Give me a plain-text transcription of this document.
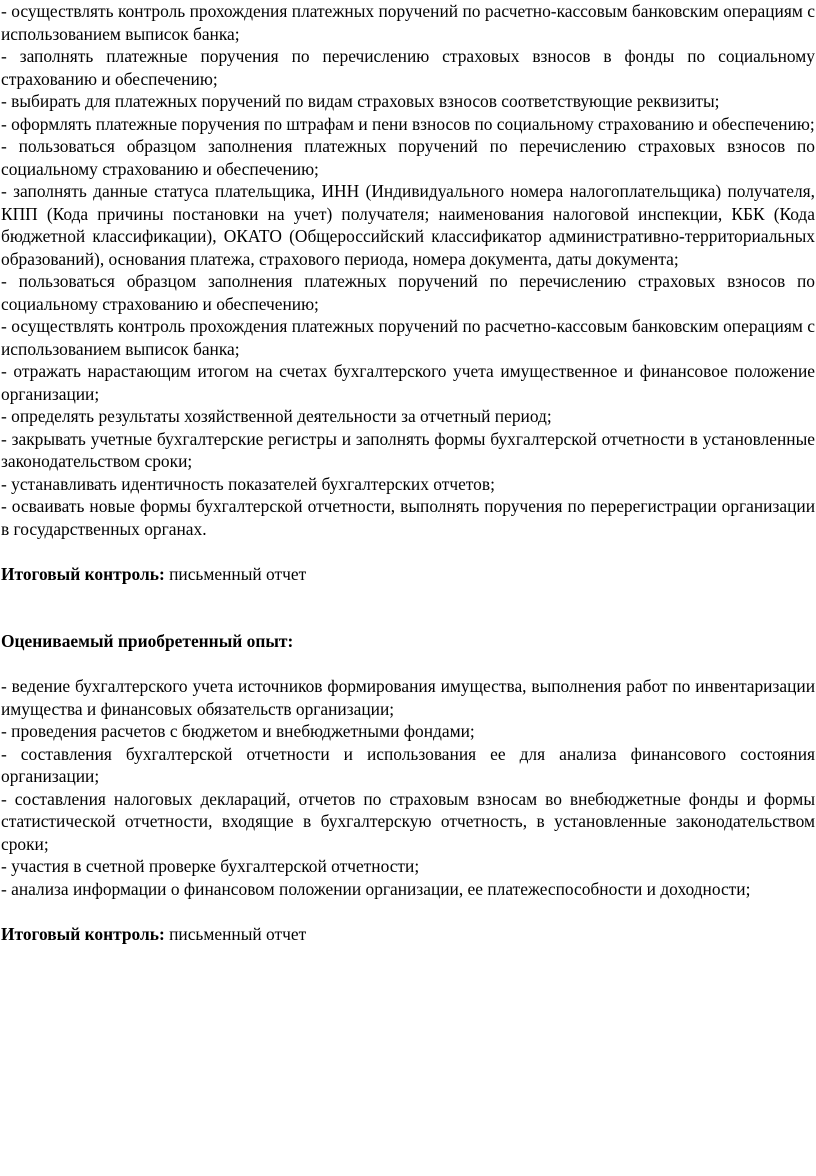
- осуществлять контроль прохождения платежных поручений по расчетно-кассовым банковским операциям с использованием выписок банка;

- заполнять платежные поручения по перечислению страховых взносов в фонды по социальному страхованию и обеспечению;

- выбирать для платежных поручений по видам страховых взносов соответствующие реквизиты;

- оформлять платежные поручения по штрафам и пени взносов по социальному страхованию и обеспечению;

- пользоваться образцом заполнения платежных поручений по перечислению страховых взносов по социальному страхованию и обеспечению;

- заполнять данные статуса плательщика, ИНН (Индивидуального номера налогоплательщика) получателя, КПП (Кода причины постановки на учет) получателя; наименования налоговой инспекции, КБК (Кода бюджетной классификации), ОКАТО (Общероссийский классификатор административно-территориальных образований), основания платежа, страхового периода, номера документа, даты документа;

- пользоваться образцом заполнения платежных поручений по перечислению страховых взносов по социальному страхованию и обеспечению;

- осуществлять контроль прохождения платежных поручений по расчетно-кассовым банковским операциям с использованием выписок банка;

- отражать нарастающим итогом на счетах бухгалтерского учета имущественное и финансовое положение организации;

- определять результаты хозяйственной деятельности за отчетный период;

- закрывать учетные бухгалтерские регистры и заполнять формы бухгалтерской отчетности в установленные законодательством сроки;

- устанавливать идентичность показателей бухгалтерских отчетов;

- осваивать новые формы бухгалтерской отчетности, выполнять поручения по перерегистрации организации в государственных органах.

Итоговый контроль: письменный отчет

Оцениваемый приобретенный опыт:

- ведение бухгалтерского учета источников формирования имущества, выполнения работ по инвентаризации имущества и финансовых обязательств организации;

- проведения расчетов с бюджетом и внебюджетными фондами;

- составления бухгалтерской отчетности и использования ее для анализа финансового состояния организации;

- составления налоговых деклараций, отчетов по страховым взносам во внебюджетные фонды и формы статистической отчетности, входящие в бухгалтерскую отчетность, в установленные законодательством сроки;

- участия в счетной проверке бухгалтерской отчетности;

- анализа информации о финансовом положении организации, ее платежеспособности и доходности;

Итоговый контроль: письменный отчет
